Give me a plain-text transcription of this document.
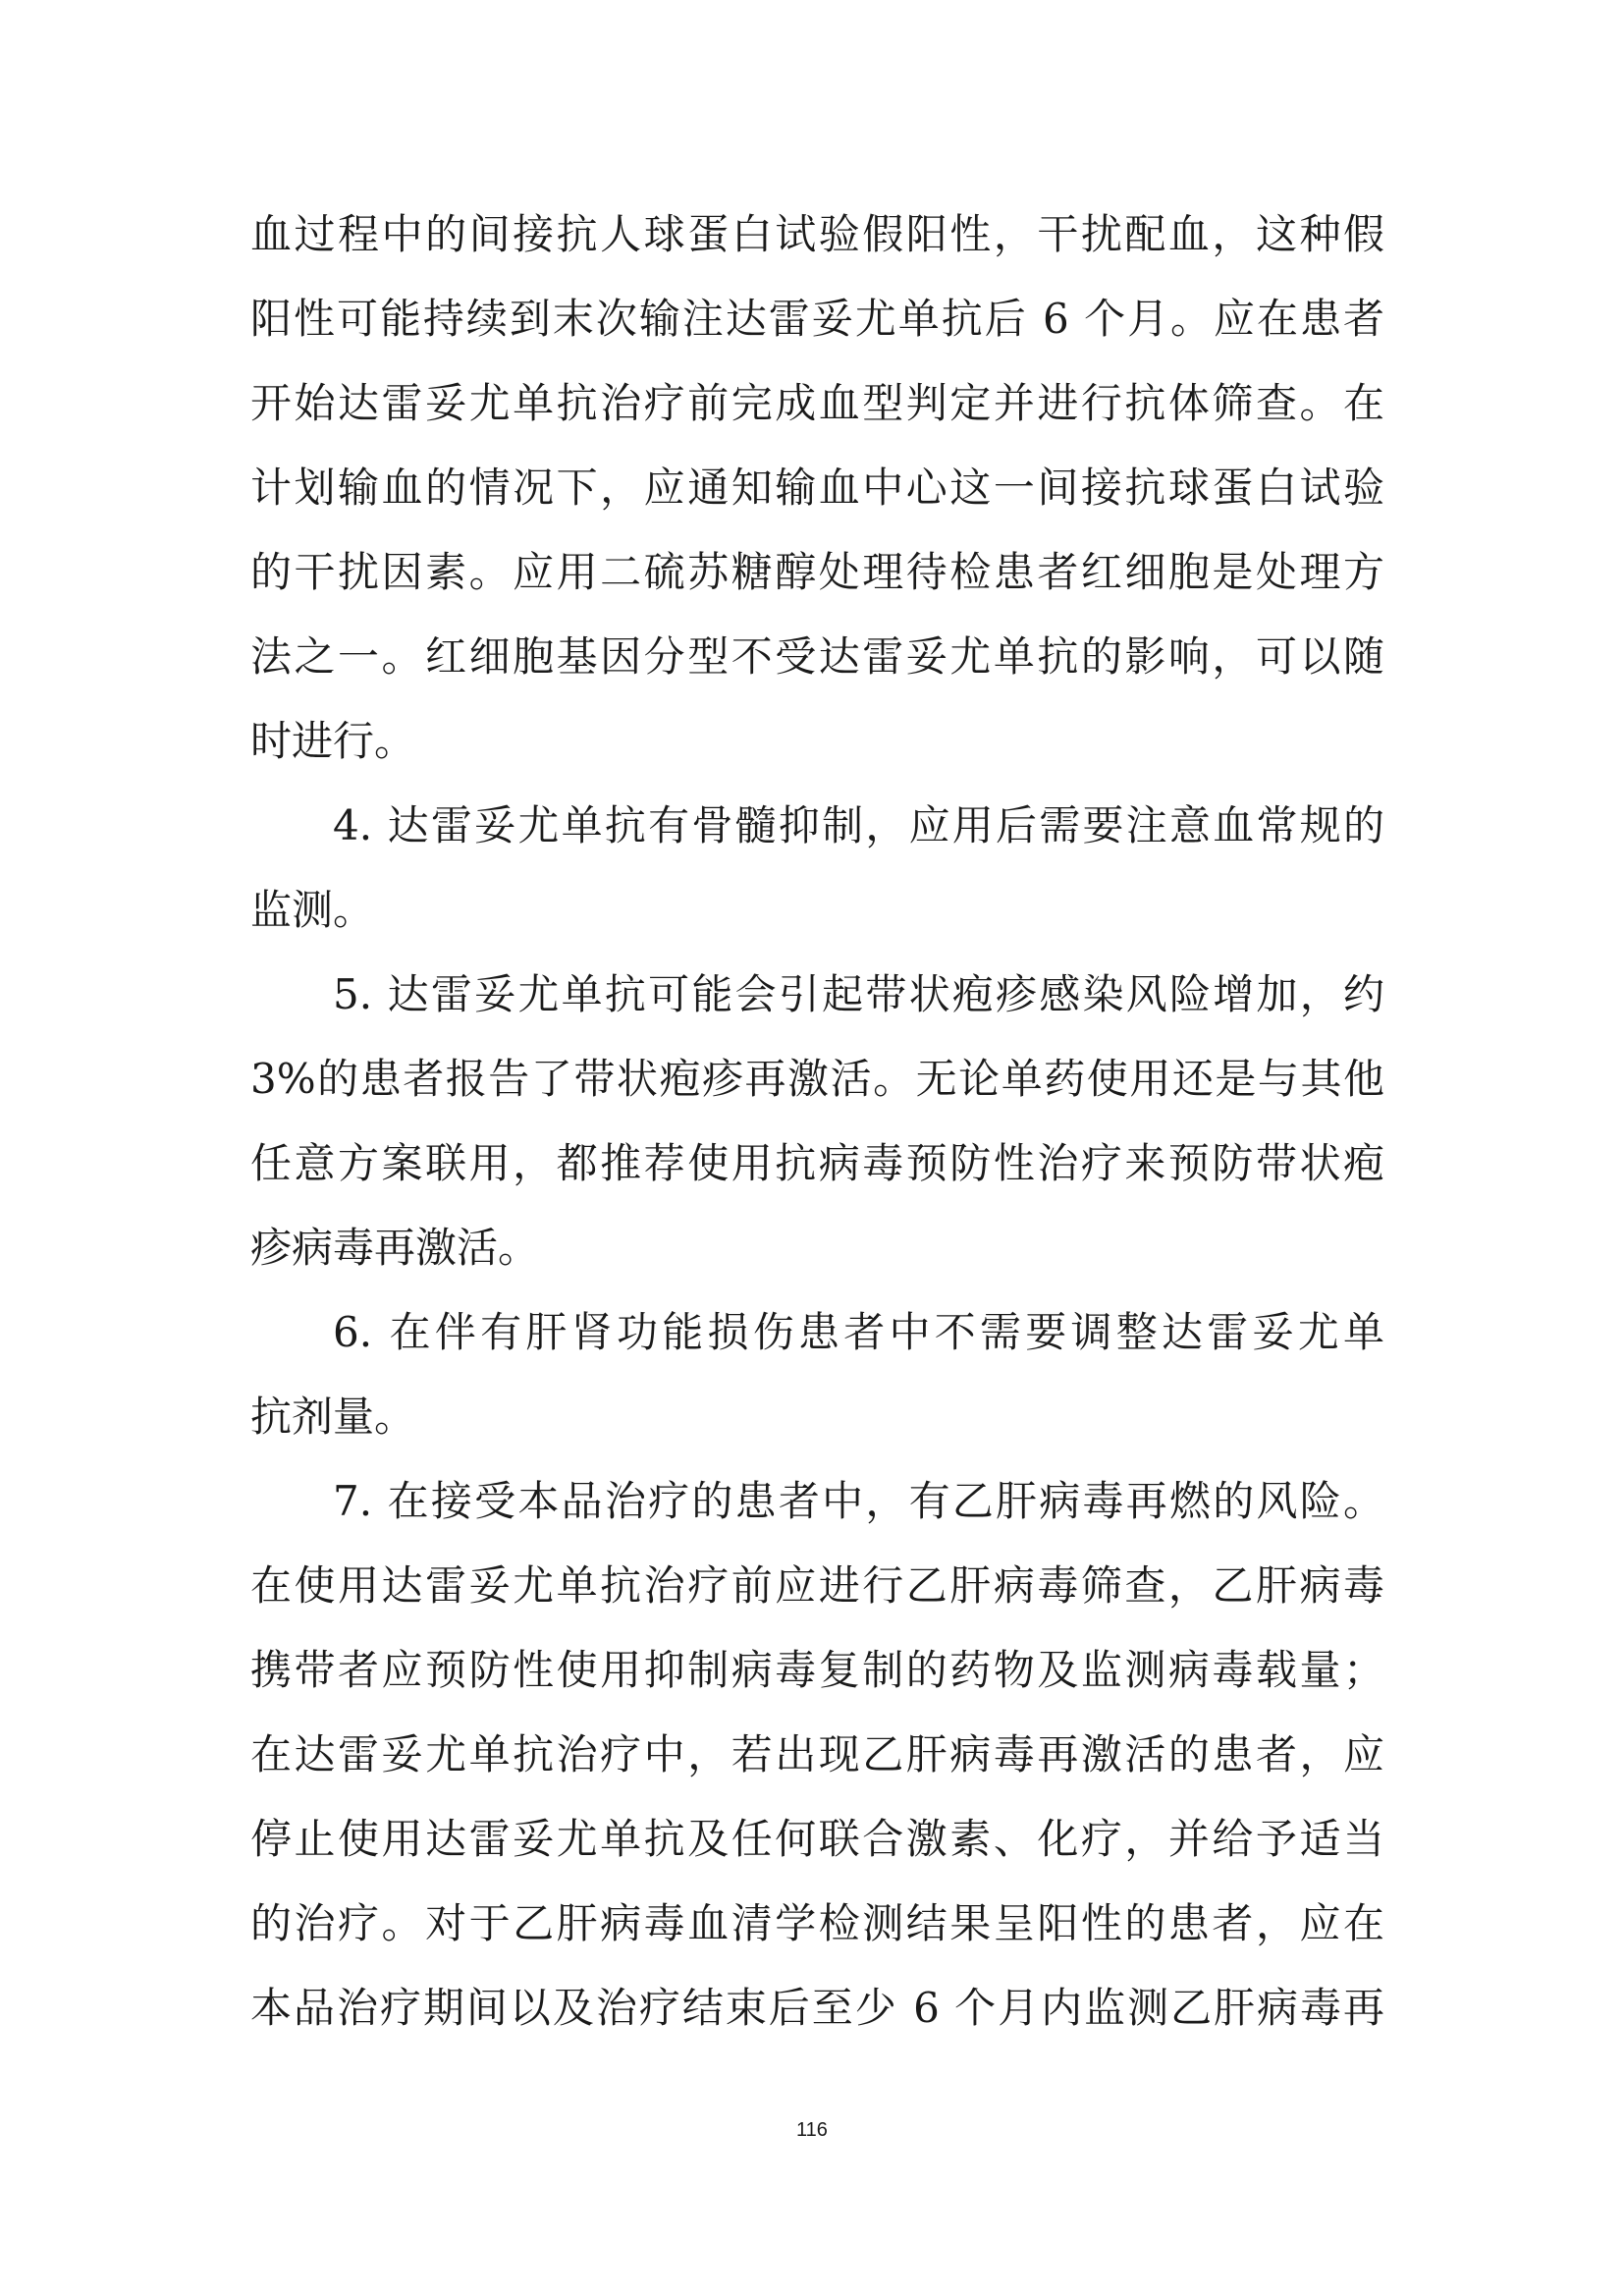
血过程中的间接抗人球蛋白试验假阳性，干扰配血，这种假
阳性可能持续到末次输注达雷妥尤单抗后 6 个月。应在患者
开始达雷妥尤单抗治疗前完成血型判定并进行抗体筛查。在
计划输血的情况下，应通知输血中心这一间接抗球蛋白试验
的干扰因素。应用二硫苏糖醇处理待检患者红细胞是处理方
法之一。红细胞基因分型不受达雷妥尤单抗的影响，可以随
时进行。
4. 达雷妥尤单抗有骨髓抑制，应用后需要注意血常规的
监测。
5. 达雷妥尤单抗可能会引起带状疱疹感染风险增加，约
3%的患者报告了带状疱疹再激活。无论单药使用还是与其他
任意方案联用，都推荐使用抗病毒预防性治疗来预防带状疱
疹病毒再激活。
6. 在伴有肝肾功能损伤患者中不需要调整达雷妥尤单
抗剂量。
7. 在接受本品治疗的患者中，有乙肝病毒再燃的风险。
在使用达雷妥尤单抗治疗前应进行乙肝病毒筛查，乙肝病毒
携带者应预防性使用抑制病毒复制的药物及监测病毒载量；
在达雷妥尤单抗治疗中，若出现乙肝病毒再激活的患者，应
停止使用达雷妥尤单抗及任何联合激素、化疗，并给予适当
的治疗。对于乙肝病毒血清学检测结果呈阳性的患者，应在
本品治疗期间以及治疗结束后至少 6 个月内监测乙肝病毒再
116
